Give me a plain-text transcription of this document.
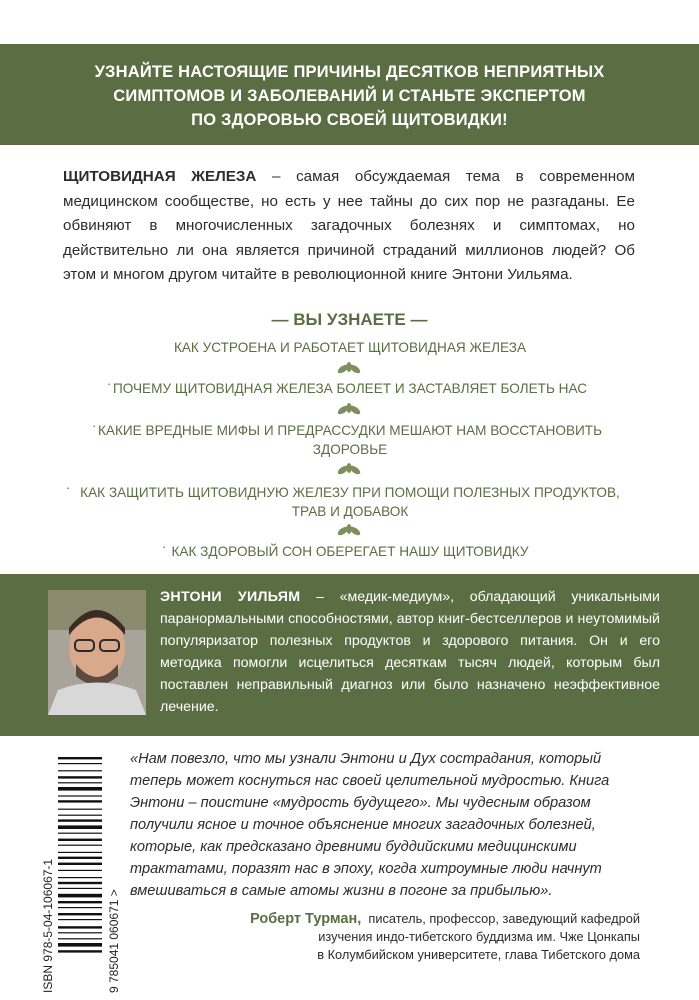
УЗНАЙТЕ НАСТОЯЩИЕ ПРИЧИНЫ ДЕСЯТКОВ НЕПРИЯТНЫХ
СИМПТОМОВ И ЗАБОЛЕВАНИЙ И СТАНЬТЕ ЭКСПЕРТОМ
ПО ЗДОРОВЬЮ СВОЕЙ ЩИТОВИДКИ!
ЩИТОВИДНАЯ ЖЕЛЕЗА – самая обсуждаемая тема в современном медицинском сообществе, но есть у нее тайны до сих пор не разгаданы. Ее обвиняют в многочисленных загадочных болезнях и симптомах, но действительно ли она является причиной страданий миллионов людей? Об этом и многом другом читайте в революционной книге Энтони Уильяма.
— ВЫ УЗНАЕТЕ —
КАК УСТРОЕНА И РАБОТАЕТ ЩИТОВИДНАЯ ЖЕЛЕЗА
· ПОЧЕМУ ЩИТОВИДНАЯ ЖЕЛЕЗА БОЛЕЕТ И ЗАСТАВЛЯЕТ БОЛЕТЬ НАС
· КАКИЕ ВРЕДНЫЕ МИФЫ И ПРЕДРАССУДКИ МЕШАЮТ НАМ ВОССТАНОВИТЬ
ЗДОРОВЬЕ
· КАК ЗАЩИТИТЬ ЩИТОВИДНУЮ ЖЕЛЕЗУ ПРИ ПОМОЩИ ПОЛЕЗНЫХ ПРОДУКТОВ,
ТРАВ И ДОБАВОК
· КАК ЗДОРОВЫЙ СОН ОБЕРЕГАЕТ НАШУ ЩИТОВИДКУ
ЭНТОНИ УИЛЬЯМ – «медик-медиум», обладающий уникальными паранормальными способностями, автор книг-бестселлеров и неутомимый популяризатор полезных продуктов и здорового питания. Он и его методика помогли исцелиться десяткам тысяч людей, которым был поставлен неправильный диагноз или было назначено неэффективное лечение.
ISBN 978-5-04-106067-1	9 785041 060671 >
«Нам повезло, что мы узнали Энтони и Дух сострадания, который теперь может коснуться нас своей целительной мудростью. Книга Энтони – поистине «мудрость будущего». Мы чудесным образом получили ясное и точное объяснение многих загадочных болезней, которые, как предсказано древними буддийскими медицинскими трактатами, поразят нас в эпоху, когда хитроумные люди начнут вмешиваться в самые атомы жизни в погоне за прибылью».
Роберт Турман, писатель, профессор, заведующий кафедрой
изучения индо-тибетского буддизма им. Чже Цонкапы
в Колумбийском университете, глава Тибетского дома
